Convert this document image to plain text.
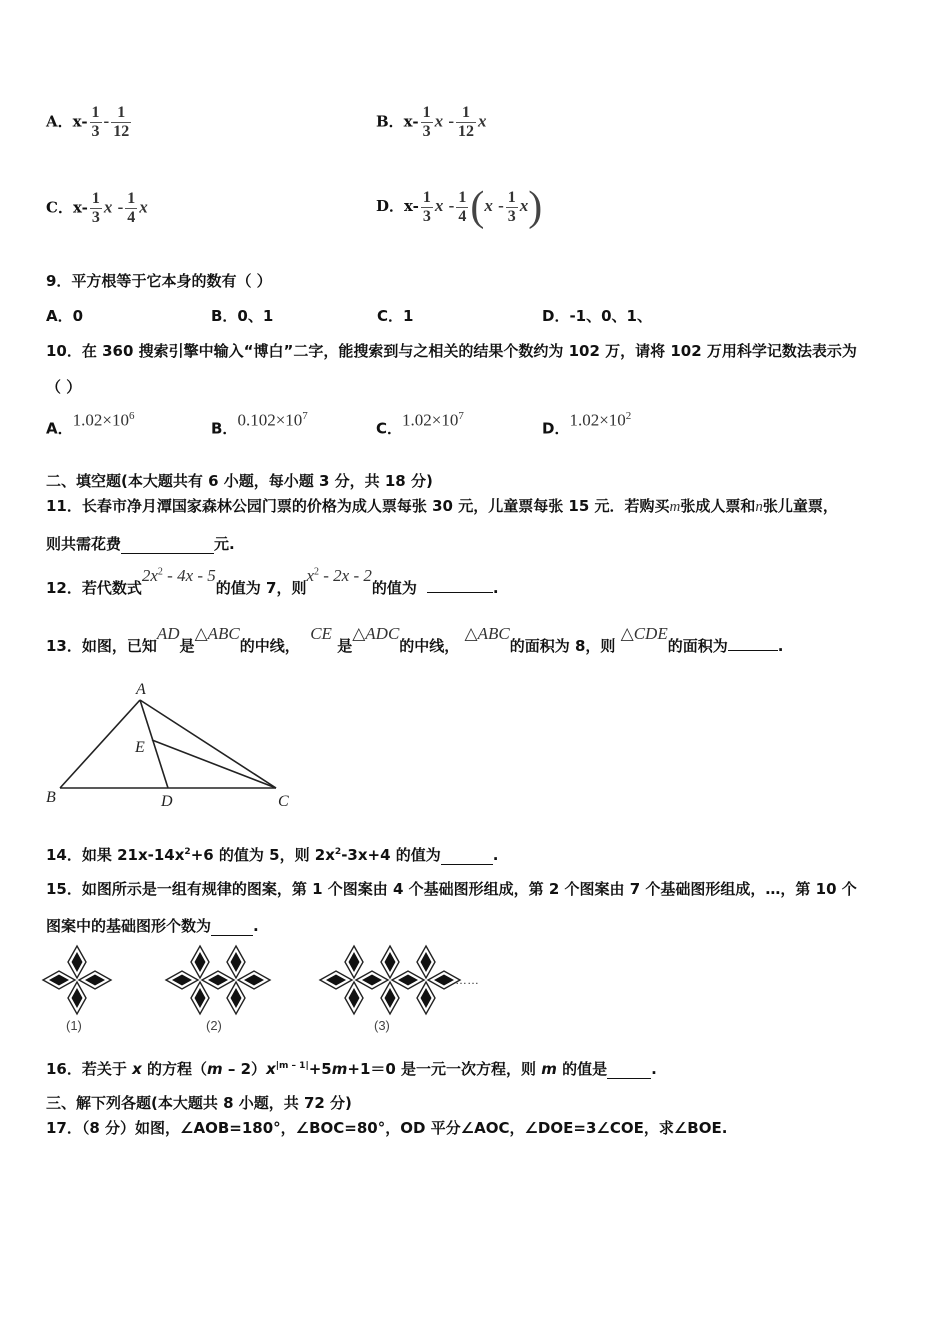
A．$x- \frac{1}{3} - \frac{1}{12}$	B．$x- \frac{1}{3}$ x - $\frac{1}{12}$ x
C．$x- \frac{1}{3}$ x - $\frac{1}{4}$ x	D．$x- \frac{1}{3}$ x - $\frac{1}{4} (x - \frac{1}{3} x)$
9．平方根等于它本身的数有（ ）
A．0	B．0、1	C．1	D．-1、0、1、
10．在 360 搜索引擎中输入“博白”二字，能搜索到与之相关的结果个数约为 102 万，请将 102 万用科学记数法表示为
（ ）
A．$1.02\times 10^6$
B．$0.102\times 10^7$
C．$1.02\times 10^7$
D．$1.02\times 10^2$
二、填空题(本大题共有 6 小题，每小题 3 分，共 18 分)
11．长春市净月潭国家森林公园门票的价格为成人票每张 30 元，儿童票每张 15 元．若购买m张成人票和n张儿童票，
则共需花费	元.
12．若代数式$2x^2 - 4x - 5$的值为 7，则$x^2 - 2x - 2$的值为	.
13．如图，已知AD是△ABC的中线，  CE 是△ADC的中线， △ABC的面积为 8，则 △CDE的面积为	.
A
B	C
D
E
14．如果 $21x-14x^2+6$ 的值为 5，则 $2x^2-3x+4$ 的值为	.
15．如图所示是一组有规律的图案，第 1 个图案由 4 个基础图形组成，第 2 个图案由 7 个基础图形组成，…，第 10 个
图案中的基础图形个数为	.
……
(1)	(2)	(3)
16．若关于 x 的方程$(m - 2)x^{|m - 1|}+5m+1=0$ 是一元一次方程，则 m 的值是	.
三、解下列各题(本大题共 8 小题，共 72 分)
17．（8 分）如图，∠AOB=180°，∠BOC=80°，OD 平分∠AOC，∠DOE=3∠COE，求∠BOE.
